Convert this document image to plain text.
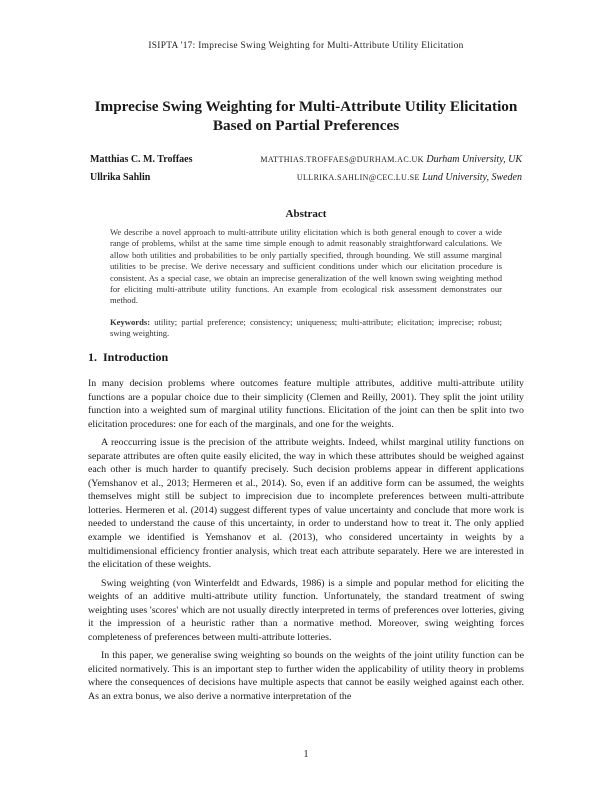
ISIPTA '17: Imprecise Swing Weighting for Multi-Attribute Utility Elicitation
Imprecise Swing Weighting for Multi-Attribute Utility Elicitation
Based on Partial Preferences
Matthias C. M. Troffaes	MATTHIAS.TROFFAES@DURHAM.AC.UK Durham University, UK
Ullrika Sahlin	ULLRIKA.SAHLIN@CEC.LU.SE Lund University, Sweden
Abstract
We describe a novel approach to multi-attribute utility elicitation which is both general enough to cover a wide range of problems, whilst at the same time simple enough to admit reasonably straightforward calculations. We allow both utilities and probabilities to be only partially specified, through bounding. We still assume marginal utilities to be precise. We derive necessary and sufficient conditions under which our elicitation procedure is consistent. As a special case, we obtain an imprecise generalization of the well known swing weighting method for eliciting multi-attribute utility functions. An example from ecological risk assessment demonstrates our method.
Keywords: utility; partial preference; consistency; uniqueness; multi-attribute; elicitation; imprecise; robust; swing weighting.
1. Introduction

In many decision problems where outcomes feature multiple attributes, additive multi-attribute utility functions are a popular choice due to their simplicity (Clemen and Reilly, 2001). They split the joint utility function into a weighted sum of marginal utility functions. Elicitation of the joint can then be split into two elicitation procedures: one for each of the marginals, and one for the weights.

A reoccurring issue is the precision of the attribute weights. Indeed, whilst marginal utility functions on separate attributes are often quite easily elicited, the way in which these attributes should be weighed against each other is much harder to quantify precisely. Such decision problems appear in different applications (Yemshanov et al., 2013; Hermeren et al., 2014). So, even if an additive form can be assumed, the weights themselves might still be subject to imprecision due to incomplete preferences between multi-attribute lotteries. Hermeren et al. (2014) suggest different types of value uncertainty and conclude that more work is needed to understand the cause of this uncertainty, in order to understand how to treat it. The only applied example we identified is Yemshanov et al. (2013), who considered uncertainty in weights by a multidimensional efficiency frontier analysis, which treat each attribute separately. Here we are interested in the elicitation of these weights.

Swing weighting (von Winterfeldt and Edwards, 1986) is a simple and popular method for eliciting the weights of an additive multi-attribute utility function. Unfortunately, the standard treatment of swing weighting uses 'scores' which are not usually directly interpreted in terms of preferences over lotteries, giving it the impression of a heuristic rather than a normative method. Moreover, swing weighting forces completeness of preferences between multi-attribute lotteries.

In this paper, we generalise swing weighting so bounds on the weights of the joint utility function can be elicited normatively. This is an important step to further widen the applicability of utility theory in problems where the consequences of decisions have multiple aspects that cannot be easily weighed against each other. As an extra bonus, we also derive a normative interpretation of the

1
